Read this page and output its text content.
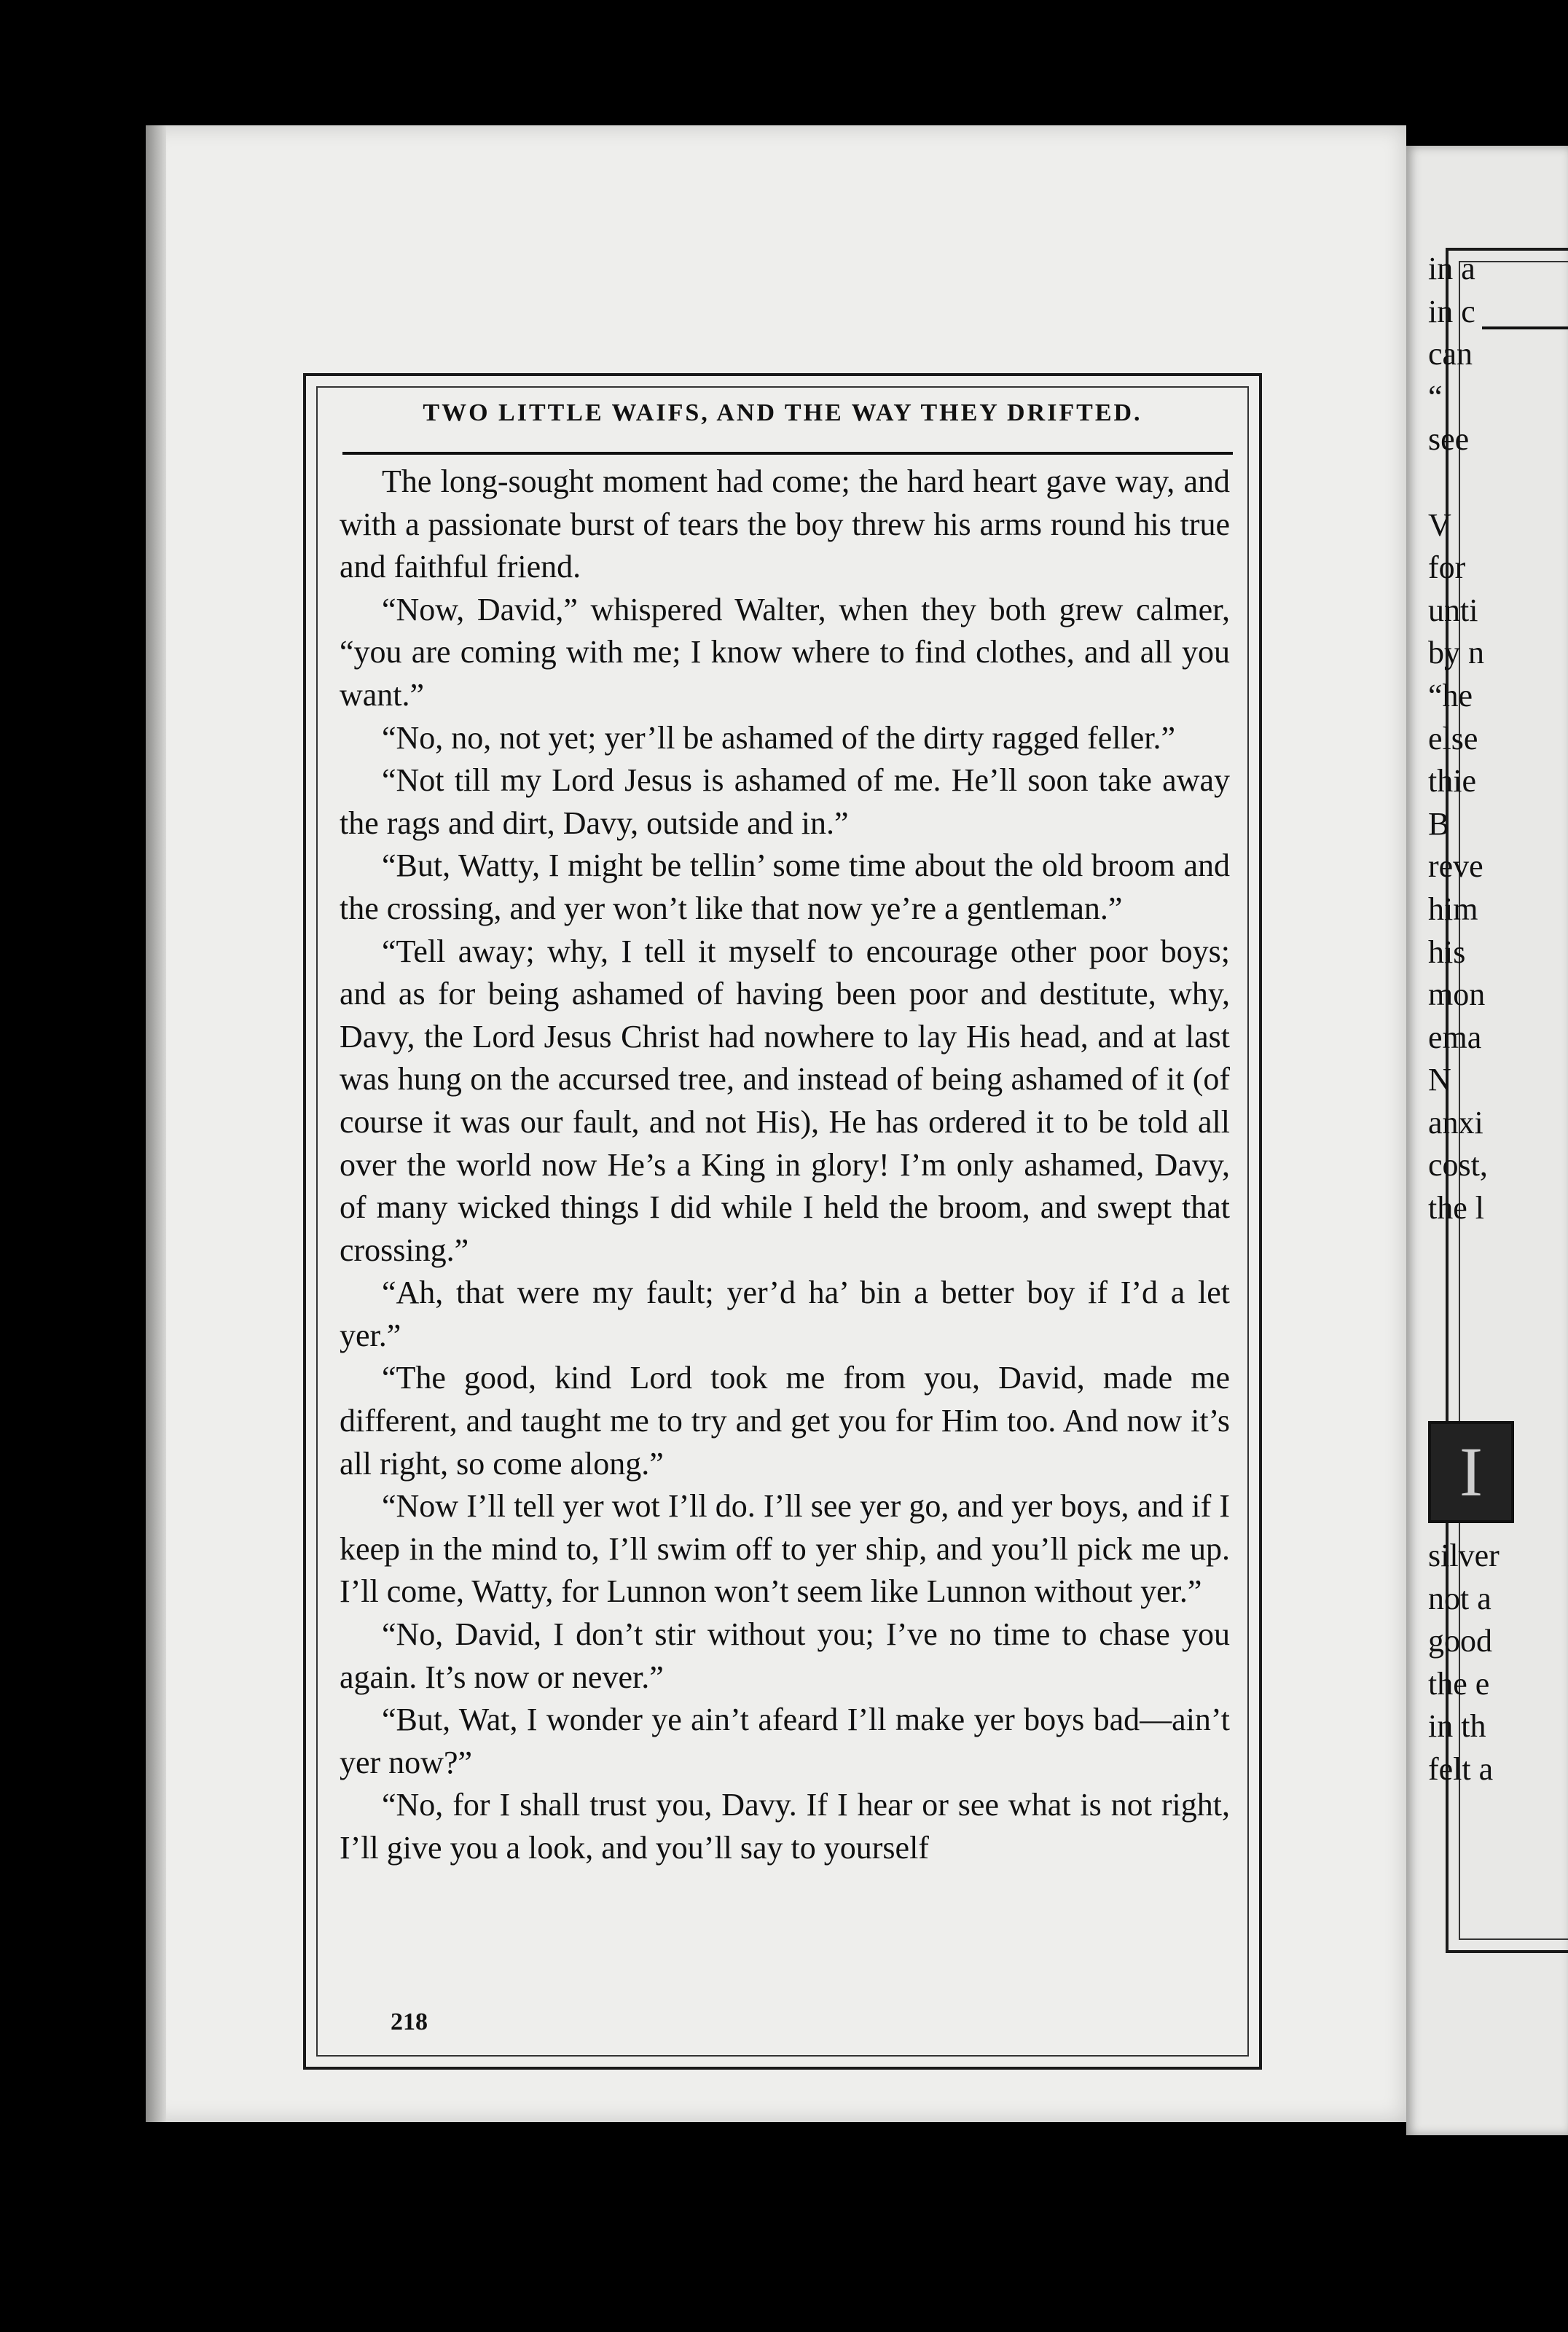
TWO LITTLE WAIFS, AND THE WAY THEY DRIFTED.

The long-sought moment had come; the hard heart gave way, and with a passionate burst of tears the boy threw his arms round his true and faithful friend.

“Now, David,” whispered Walter, when they both grew calmer, “you are coming with me; I know where to find clothes, and all you want.”

“No, no, not yet; yer’ll be ashamed of the dirty ragged feller.”

“Not till my Lord Jesus is ashamed of me. He’ll soon take away the rags and dirt, Davy, outside and in.”

“But, Watty, I might be tellin’ some time about the old broom and the crossing, and yer won’t like that now ye’re a gentleman.”

“Tell away; why, I tell it myself to encourage other poor boys; and as for being ashamed of having been poor and destitute, why, Davy, the Lord Jesus Christ had nowhere to lay His head, and at last was hung on the accursed tree, and instead of being ashamed of it (of course it was our fault, and not His), He has ordered it to be told all over the world now He’s a King in glory! I’m only ashamed, Davy, of many wicked things I did while I held the broom, and swept that crossing.”

“Ah, that were my fault; yer’d ha’ bin a better boy if I’d a let yer.”

“The good, kind Lord took me from you, David, made me different, and taught me to try and get you for Him too. And now it’s all right, so come along.”

“Now I’ll tell yer wot I’ll do. I’ll see yer go, and yer boys, and if I keep in the mind to, I’ll swim off to yer ship, and you’ll pick me up. I’ll come, Watty, for Lunnon won’t seem like Lunnon without yer.”

“No, David, I don’t stir without you; I’ve no time to chase you again. It’s now or never.”

“But, Wat, I wonder ye ain’t afeard I’ll make yer boys bad—ain’t yer now?”

“No, for I shall trust you, Davy. If I hear or see what is not right, I’ll give you a look, and you’ll say to yourself

218
in a
in c
can
“
see
V
for
unti
by n
“he
else
thie
B
reve
him
his
mon
ema
N
anxi
cost,
the l
I
silver
not a
good
the e
in th
felt a
